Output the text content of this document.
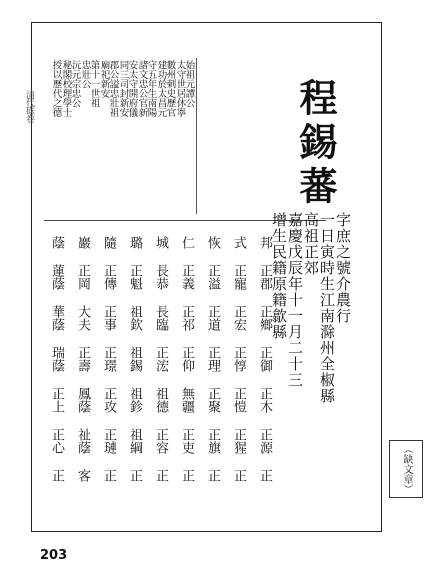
清代硃卷	始祖元譚公
太守世居休寧
數州刺史歷官
建功於太昌元
守五年生南陽
諸文忠公官新
安太守開府儀
同三司封新安
郡公謚忠壯祖
廟祀新安
第十一世祖
忠壯公
沅元宗忠公
秘閣校理學士
授以歷代之德	程錫蕃
字庶之號介農行
一日寅時生江南滁州全椒縣
高祖正郊
嘉慶戊辰年十一月二十三
增生民籍原籍歙縣
邦 正郡 正鄉 正御 正木 正源 正
式 正寵 正宏 正惇 正愷 正猩 正
恢 正溢 正道 正理 正聚 正旗 正
仁 正義 正祁 正仰 無疆 正吏 正
城 長恭 長臨 正浤 祖德 正容 正
璐 正魁 祖欽 祖錫 祖鉁 祖綱 正
隨 正傳 正事 正璟 正攻 正璉 正
巖 正岡 大夫 正壽 鳳蔭 祉蔭 客
蔭 蓮蔭 華蔭 瑞蔭 正上 正心 正	（缺文章）
203
